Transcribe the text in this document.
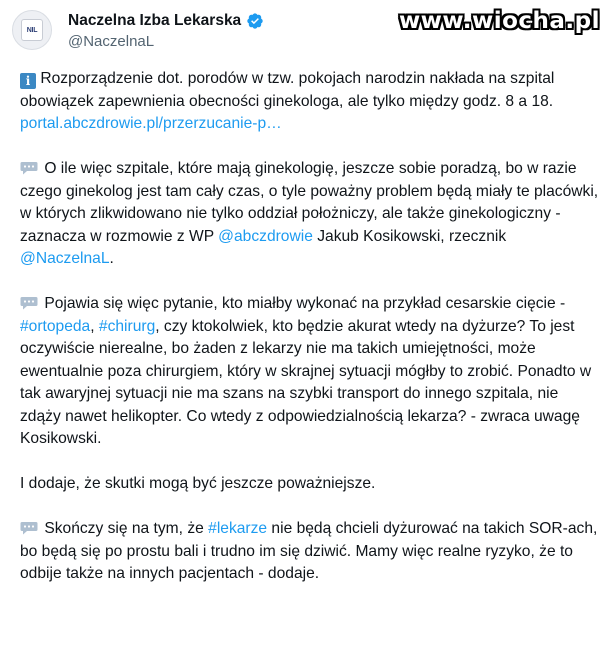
www.wiocha.pl
NIL
Naczelna Izba Lekarska
@NaczelnaL

i Rozporządzenie dot. porodów w tzw. pokojach narodzin nakłada na szpital obowiązek zapewnienia obecności ginekologa, ale tylko między godz. 8 a 18.
portal.abczdrowie.pl/przerzucanie-p…

O ile więc szpitale, które mają ginekologię, jeszcze sobie poradzą, bo w razie czego ginekolog jest tam cały czas, o tyle poważny problem będą miały te placówki, w których zlikwidowano nie tylko oddział położniczy, ale także ginekologiczny - zaznacza w rozmowie z WP @abczdrowie Jakub Kosikowski, rzecznik @NaczelnaL.

Pojawia się więc pytanie, kto miałby wykonać na przykład cesarskie cięcie - #ortopeda, #chirurg, czy ktokolwiek, kto będzie akurat wtedy na dyżurze? To jest oczywiście nierealne, bo żaden z lekarzy nie ma takich umiejętności, może ewentualnie poza chirurgiem, który w skrajnej sytuacji mógłby to zrobić. Ponadto w tak awaryjnej sytuacji nie ma szans na szybki transport do innego szpitala, nie zdąży nawet helikopter. Co wtedy z odpowiedzialnością lekarza? - zwraca uwagę Kosikowski.

I dodaje, że skutki mogą być jeszcze poważniejsze.

Skończy się na tym, że #lekarze nie będą chcieli dyżurować na takich SOR-ach, bo będą się po prostu bali i trudno im się dziwić. Mamy więc realne ryzyko, że to odbije także na innych pacjentach - dodaje.
